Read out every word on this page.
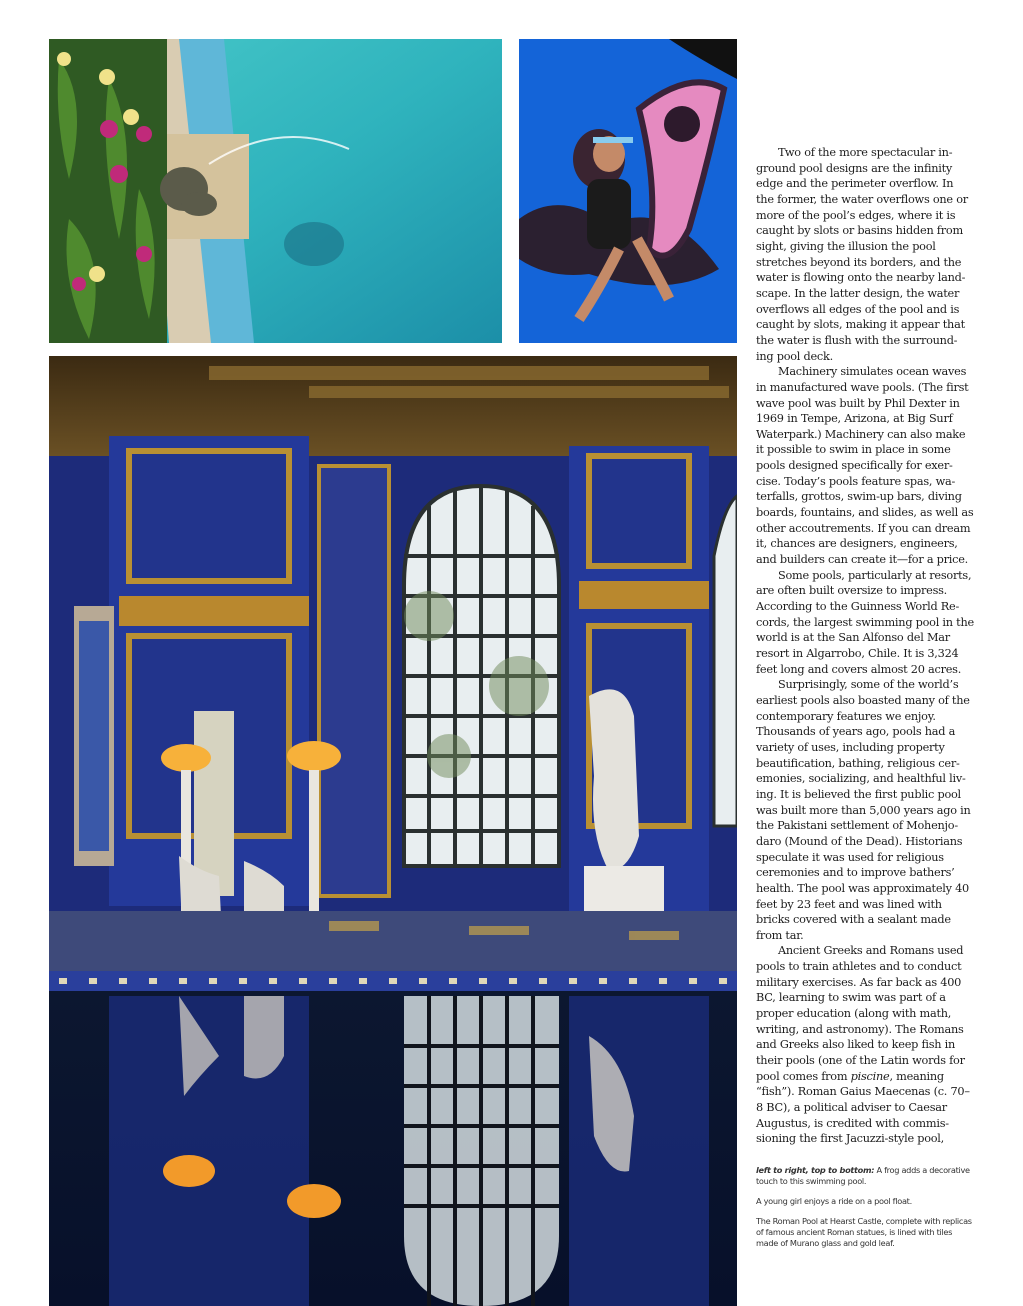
Two of the more spectacular in-ground pool designs are the infinity edge and the perimeter overflow. In the former, the water overflows one or more of the pool’s edges, where it is caught by slots or basins hidden from sight, giving the illusion the pool stretches beyond its borders, and the water is flowing onto the nearby land-scape. In the latter design, the water overflows all edges of the pool and is caught by slots, making it appear that the water is flush with the surround-ing pool deck.

Machinery simulates ocean waves in manufactured wave pools. (The first wave pool was built by Phil Dexter in 1969 in Tempe, Arizona, at Big Surf Waterpark.) Machinery can also make it possible to swim in place in some pools designed specifically for exer-cise. Today’s pools feature spas, wa-terfalls, grottos, swim-up bars, diving boards, fountains, and slides, as well as other accoutrements. If you can dream it, chances are designers, engineers, and builders can create it—for a price.

Some pools, particularly at resorts, are often built oversize to impress. According to the Guinness World Re-cords, the largest swimming pool in the world is at the San Alfonso del Mar resort in Algarrobo, Chile. It is 3,324 feet long and covers almost 20 acres.

Surprisingly, some of the world’s earliest pools also boasted many of the contemporary features we enjoy. Thousands of years ago, pools had a variety of uses, including property beautification, bathing, religious cer-emonies, socializing, and healthful liv-ing. It is believed the first public pool was built more than 5,000 years ago in the Pakistani settlement of Mohenjo-daro (Mound of the Dead). Historians speculate it was used for religious ceremonies and to improve bathers’ health. The pool was approximately 40 feet by 23 feet and was lined with bricks covered with a sealant made from tar.

Ancient Greeks and Romans used pools to train athletes and to conduct military exercises. As far back as 400 BC, learning to swim was part of a proper education (along with math, writing, and astronomy). The Romans and Greeks also liked to keep fish in their pools (one of the Latin words for pool comes from piscine, meaning “fish”). Roman Gaius Maecenas (c. 70–8 BC), a political adviser to Caesar Augustus, is credited with commis-sioning the first Jacuzzi-style pool,

left to right, top to bottom: A frog adds a decorative touch to this swimming pool.

A young girl enjoys a ride on a pool float.

The Roman Pool at Hearst Castle, complete with replicas of famous ancient Roman statues, is lined with tiles made of Murano glass and gold leaf.
